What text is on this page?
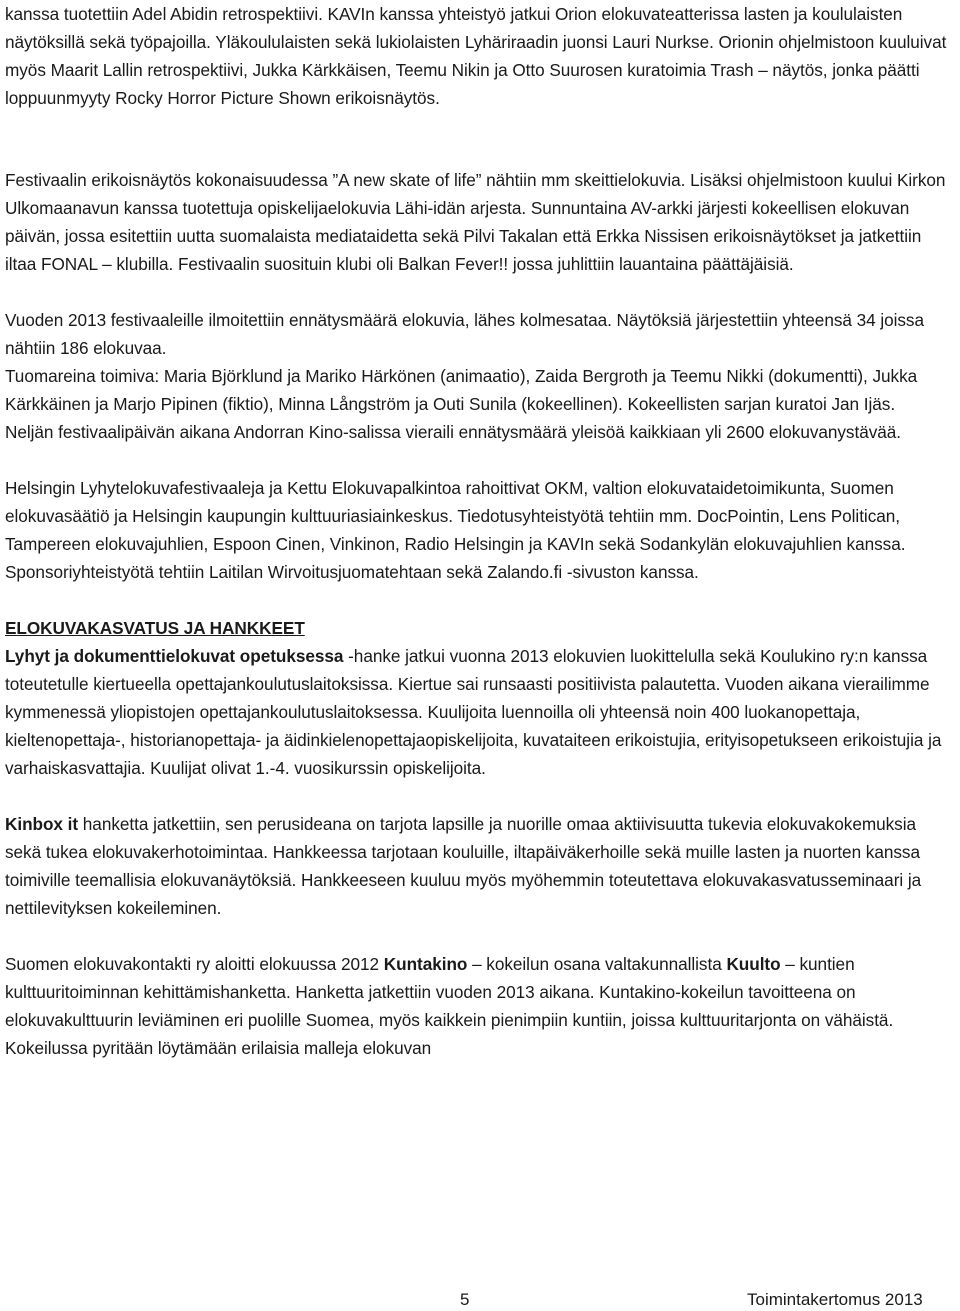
kanssa tuotettiin Adel Abidin retrospektiivi. KAVIn kanssa yhteistyö jatkui Orion elokuvateatterissa lasten ja koululaisten näytöksillä sekä työpajoilla. Yläkoululaisten sekä lukiolaisten Lyhäriraadin juonsi Lauri Nurkse. Orionin ohjelmistoon kuuluivat myös Maarit Lallin retrospektiivi, Jukka Kärkkäisen, Teemu Nikin ja Otto Suurosen kuratoimia Trash – näytös, jonka päätti loppuunmyyty Rocky Horror Picture Shown erikoisnäytös.

Festivaalin erikoisnäytös kokonaisuudessa ”A new skate of life” nähtiin mm skeittielokuvia. Lisäksi ohjelmistoon kuului Kirkon Ulkomaanavun kanssa tuotettuja opiskelijaelokuvia Lähi-idän arjesta. Sunnuntaina AV-arkki järjesti kokeellisen elokuvan päivän, jossa esitettiin uutta suomalaista mediataidetta sekä Pilvi Takalan että Erkka Nissisen erikoisnäytökset ja jatkettiin iltaa FONAL – klubilla. Festivaalin suosituin klubi oli Balkan Fever!! jossa juhlittiin lauantaina päättäjäisiä.

Vuoden 2013 festivaaleille ilmoitettiin ennätysmäärä elokuvia, lähes kolmesataa. Näytöksiä järjestettiin yhteensä 34 joissa nähtiin 186 elokuvaa.

Tuomareina toimiva: Maria Björklund ja Mariko Härkönen (animaatio), Zaida Bergroth ja Teemu Nikki (dokumentti), Jukka Kärkkäinen ja Marjo Pipinen (fiktio), Minna Långström ja Outi Sunila (kokeellinen). Kokeellisten sarjan kuratoi Jan Ijäs.

Neljän festivaalipäivän aikana Andorran Kino-salissa vieraili ennätysmäärä yleisöä kaikkiaan yli 2600 elokuvanystävää.

Helsingin Lyhytelokuvafestivaaleja ja Kettu Elokuvapalkintoa rahoittivat OKM, valtion elokuvataidetoimikunta, Suomen elokuvasäätiö ja Helsingin kaupungin kulttuuriasiainkeskus. Tiedotusyhteistyötä tehtiin mm. DocPointin, Lens Politican, Tampereen elokuvajuhlien, Espoon Cinen, Vinkinon, Radio Helsingin ja KAVIn sekä Sodankylän elokuvajuhlien kanssa. Sponsoriyhteistyötä tehtiin Laitilan Wirvoitusjuomatehtaan sekä Zalando.fi -sivuston kanssa.

ELOKUVAKASVATUS JA HANKKEET

Lyhyt ja dokumenttielokuvat opetuksessa -hanke jatkui vuonna 2013 elokuvien luokittelulla sekä Koulukino ry:n kanssa toteutetulle kiertueella opettajankoulutuslaitoksissa. Kiertue sai runsaasti positiivista palautetta. Vuoden aikana vierailimme kymmenessä yliopistojen opettajankoulutuslaitoksessa. Kuulijoita luennoilla oli yhteensä noin 400 luokanopettaja, kieltenopettaja-, historianopettaja- ja äidinkielenopettajaopiskelijoita, kuvataiteen erikoistujia, erityisopetukseen erikoistujia ja varhaiskasvattajia. Kuulijat olivat 1.-4. vuosikurssin opiskelijoita.

Kinbox it hanketta jatkettiin, sen perusideana on tarjota lapsille ja nuorille omaa aktiivisuutta tukevia elokuvakokemuksia sekä tukea elokuvakerhotoimintaa. Hankkeessa tarjotaan kouluille, iltapäiväkerhoille sekä muille lasten ja nuorten kanssa toimiville teemallisia elokuvanäytöksiä. Hankkeeseen kuuluu myös myöhemmin toteutettava elokuvakasvatusseminaari ja nettilevityksen kokeileminen.

Suomen elokuvakontakti ry aloitti elokuussa 2012 Kuntakino – kokeilun osana valtakunnallista Kuulto – kuntien kulttuuritoiminnan kehittämishanketta. Hanketta jatkettiin vuoden 2013 aikana. Kuntakino-kokeilun tavoitteena on elokuvakulttuurin leviäminen eri puolille Suomea, myös kaikkein pienimpiin kuntiin, joissa kulttuuritarjonta on vähäistä. Kokeilussa pyritään löytämään erilaisia malleja elokuvan

5	Toimintakertomus 2013
